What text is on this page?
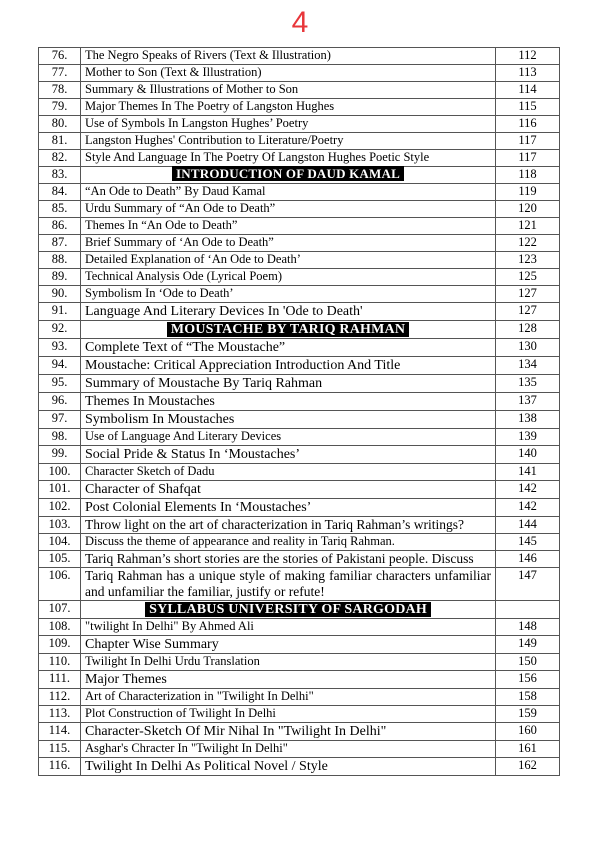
4
76.	The Negro Speaks of Rivers (Text & Illustration)	112
77.	Mother to Son (Text & Illustration)	113
78.	Summary & Illustrations of Mother to Son	114
79.	Major Themes In The Poetry of Langston Hughes	115
80.	Use of Symbols In Langston Hughes’ Poetry	116
81.	Langston Hughes' Contribution to Literature/Poetry	117
82.	Style And Language In The Poetry Of Langston Hughes Poetic Style	117
83.	INTRODUCTION OF DAUD KAMAL	118
84.	“An Ode to Death” By Daud Kamal	119
85.	Urdu Summary of “An Ode to Death”	120
86.	Themes In “An Ode to Death”	121
87.	Brief Summary of ‘An Ode to Death”	122
88.	Detailed Explanation of ‘An Ode to Death’	123
89.	Technical Analysis Ode (Lyrical Poem)	125
90.	Symbolism In ‘Ode to Death’	127
91.	Language And Literary Devices In 'Ode to Death'	127
92.	MOUSTACHE BY TARIQ RAHMAN	128
93.	Complete Text of “The Moustache”	130
94.	Moustache: Critical Appreciation Introduction And Title	134
95.	Summary of Moustache By Tariq Rahman	135
96.	Themes In Moustaches	137
97.	Symbolism In Moustaches	138
98.	Use of Language And Literary Devices	139
99.	Social Pride & Status In ‘Moustaches’	140
100.	Character Sketch of Dadu	141
101.	Character of Shafqat	142
102.	Post Colonial Elements In ‘Moustaches’	142
103.	Throw light on the art of characterization in Tariq Rahman’s writings?	144
104.	Discuss the theme of appearance and reality in Tariq Rahman.	145
105.	Tariq Rahman’s short stories are the stories of Pakistani people. Discuss	146
106.	Tariq Rahman has a unique style of making familiar characters unfamiliar and unfamiliar the familiar, justify or refute!	147
107.	SYLLABUS UNIVERSITY OF SARGODAH	
108.	"twilight In Delhi" By Ahmed Ali	148
109.	Chapter Wise Summary	149
110.	Twilight In Delhi Urdu Translation	150
111.	Major Themes	156
112.	Art of Characterization in "Twilight In Delhi"	158
113.	Plot Construction of Twilight In Delhi	159
114.	Character-Sketch Of Mir Nihal In "Twilight In Delhi"	160
115.	Asghar's Chracter In "Twilight In Delhi"	161
116.	Twilight In Delhi As Political Novel / Style	162
